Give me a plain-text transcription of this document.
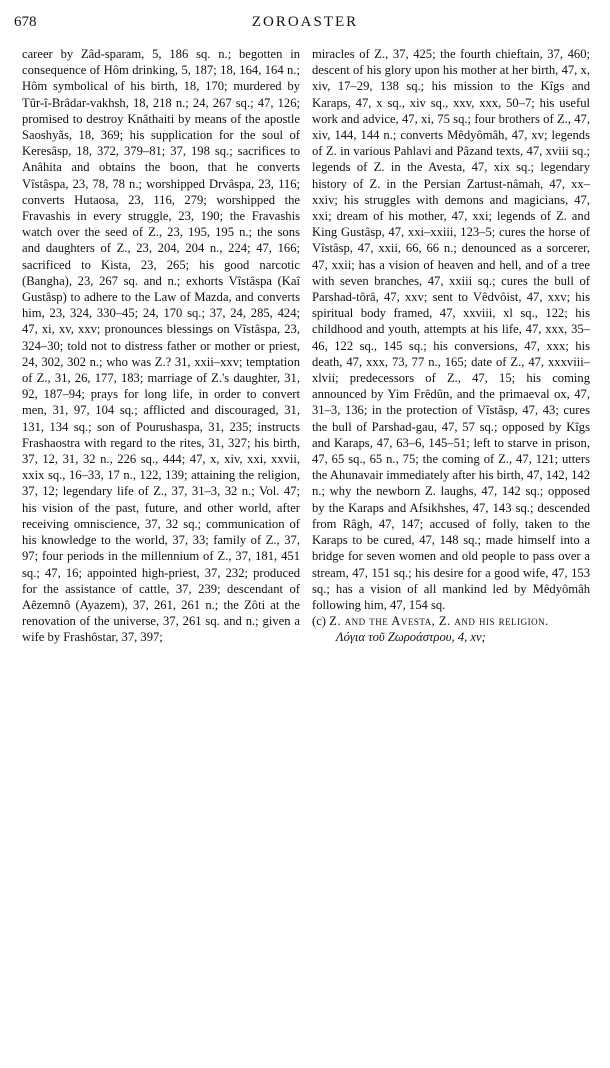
678	ZOROASTER

career by Zâd-sparam, 5, 186 sq. n.; begotten in consequence of Hôm drinking, 5, 187; 18, 164, 164 n.; Hôm symbolical of his birth, 18, 170; murdered by Tûr-î-Brâdar-vakhsh, 18, 218 n.; 24, 267 sq.; 47, 126; promised to destroy Knâthaiti by means of the apostle Saoshyãs, 18, 369; his supplication for the soul of Keresâsp, 18, 372, 379–81; 37, 198 sq.; sacrifices to Anâhita and obtains the boon, that he converts Vîstâspa, 23, 78, 78 n.; worshipped Drvâspa, 23, 116; converts Hutaosa, 23, 116, 279; worshipped the Fravashis in every struggle, 23, 190; the Fravashis watch over the seed of Z., 23, 195, 195 n.; the sons and daughters of Z., 23, 204, 204 n., 224; 47, 166; sacrificed to Kista, 23, 265; his good narcotic (Bangha), 23, 267 sq. and n.; exhorts Vîstâspa (Kaî Gustâsp) to adhere to the Law of Mazda, and converts him, 23, 324, 330–45; 24, 170 sq.; 37, 24, 285, 424; 47, xi, xv, xxv; pronounces blessings on Vîstâspa, 23, 324–30; told not to distress father or mother or priest, 24, 302, 302 n.; who was Z.? 31, xxii–xxv; temptation of Z., 31, 26, 177, 183; marriage of Z.'s daughter, 31, 92, 187–94; prays for long life, in order to convert men, 31, 97, 104 sq.; afflicted and discouraged, 31, 131, 134 sq.; son of Pourushaspa, 31, 235; instructs Frashaostra with regard to the rites, 31, 327; his birth, 37, 12, 31, 32 n., 226 sq., 444; 47, x, xiv, xxi, xxvii, xxix sq., 16–33, 17 n., 122, 139; attaining the religion, 37, 12; legendary life of Z., 37, 31–3, 32 n.; Vol. 47; his vision of the past, future, and other world, after receiving omniscience, 37, 32 sq.; communication of his knowledge to the world, 37, 33; family of Z., 37, 97; four periods in the millennium of Z., 37, 181, 451 sq.; 47, 16; appointed high-priest, 37, 232; produced for the assistance of cattle, 37, 239; descendant of Aêzemnô (Ayazem), 37, 261, 261 n.; the Zôti at the renovation of the universe, 37, 261 sq. and n.; given a wife by Frashôstar, 37, 397;

miracles of Z., 37, 425; the fourth chieftain, 37, 460; descent of his glory upon his mother at her birth, 47, x, xiv, 17–29, 138 sq.; his mission to the Kîgs and Karaps, 47, x sq., xiv sq., xxv, xxx, 50–7; his useful work and advice, 47, xi, 75 sq.; four brothers of Z., 47, xiv, 144, 144 n.; converts Mêdyômâh, 47, xv; legends of Z. in various Pahlavi and Pâzand texts, 47, xviii sq.; legends of Z. in the Avesta, 47, xix sq.; legendary history of Z. in the Persian Zartust-nâmah, 47, xx–xxiv; his struggles with demons and magicians, 47, xxi; dream of his mother, 47, xxi; legends of Z. and King Gustâsp, 47, xxi–xxiii, 123–5; cures the horse of Vîstâsp, 47, xxii, 66, 66 n.; denounced as a sorcerer, 47, xxii; has a vision of heaven and hell, and of a tree with seven branches, 47, xxiii sq.; cures the bull of Parshad-tôrâ, 47, xxv; sent to Vêdvôist, 47, xxv; his spiritual body framed, 47, xxviii, xl sq., 122; his childhood and youth, attempts at his life, 47, xxx, 35–46, 122 sq., 145 sq.; his conversions, 47, xxx; his death, 47, xxx, 73, 77 n., 165; date of Z., 47, xxxviii–xlvii; predecessors of Z., 47, 15; his coming announced by Yim Frêdûn, and the primaeval ox, 47, 31–3, 136; in the protection of Vîstâsp, 47, 43; cures the bull of Parshad-gau, 47, 57 sq.; opposed by Kîgs and Karaps, 47, 63–6, 145–51; left to starve in prison, 47, 65 sq., 65 n., 75; the coming of Z., 47, 121; utters the Ahunavair immediately after his birth, 47, 142, 142 n.; why the newborn Z. laughs, 47, 142 sq.; opposed by the Karaps and Afsikhshes, 47, 143 sq.; descended from Râgh, 47, 147; accused of folly, taken to the Karaps to be cured, 47, 148 sq.; made himself into a bridge for seven women and old people to pass over a stream, 47, 151 sq.; his desire for a good wife, 47, 153 sq.; has a vision of all mankind led by Mêdyômâh following him, 47, 154 sq.

(c) Z. and the Avesta, Z. and his religion.

Λόγια τοῦ Ζωροάστρου, 4, xv;
